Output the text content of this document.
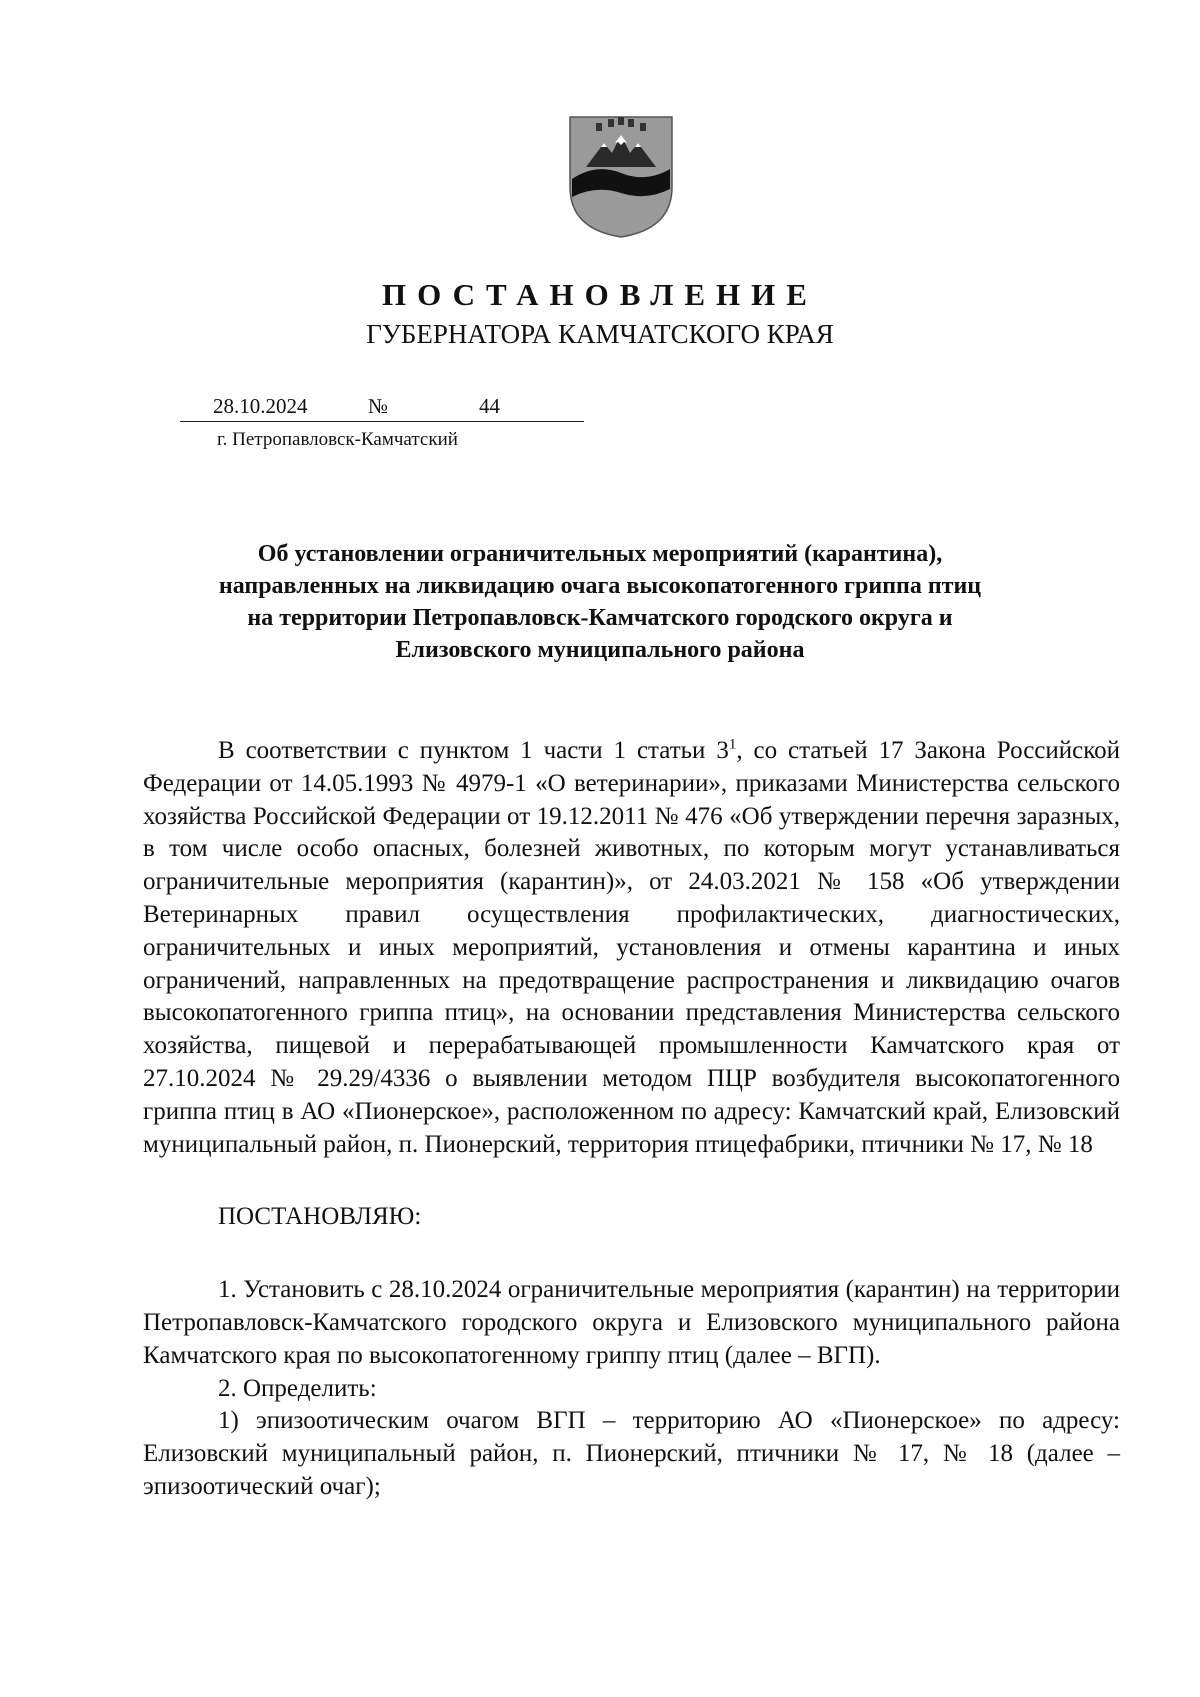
ПОСТАНОВЛЕНИЕ
ГУБЕРНАТОРА КАМЧАТСКОГО КРАЯ
28.10.2024	№	44
г. Петропавловск-Камчатский
Об установлении ограничительных мероприятий (карантина),
направленных на ликвидацию очага высокопатогенного гриппа птиц
на территории Петропавловск-Камчатского городского округа и
Елизовского муниципального района

В соответствии с пунктом 1 части 1 статьи $3^1$, со статьей 17 Закона Российской Федерации от 14.05.1993 № 4979-1 «О ветеринарии», приказами Министерства сельского хозяйства Российской Федерации от 19.12.2011 № 476 «Об утверждении перечня заразных, в том числе особо опасных, болезней животных, по которым могут устанавливаться ограничительные мероприятия (карантин)», от 24.03.2021 № 158 «Об утверждении Ветеринарных правил осуществления профилактических, диагностических, ограничительных и иных мероприятий, установления и отмены карантина и иных ограничений, направленных на предотвращение распространения и ликвидацию очагов высокопатогенного гриппа птиц», на основании представления Министерства сельского хозяйства, пищевой и перерабатывающей промышленности Камчатского края от 27.10.2024 № 29.29/4336 о выявлении методом ПЦР возбудителя высокопатогенного гриппа птиц в АО «Пионерское», расположенном по адресу: Камчатский край, Елизовский муниципальный район, п. Пионерский, территория птицефабрики, птичники № 17, № 18

ПОСТАНОВЛЯЮ:

1. Установить с 28.10.2024 ограничительные мероприятия (карантин) на территории Петропавловск-Камчатского городского округа и Елизовского муниципального района Камчатского края по высокопатогенному гриппу птиц (далее – ВГП).

2. Определить:

1) эпизоотическим очагом ВГП – территорию АО «Пионерское» по адресу: Елизовский муниципальный район, п. Пионерский, птичники № 17, № 18 (далее – эпизоотический очаг);
